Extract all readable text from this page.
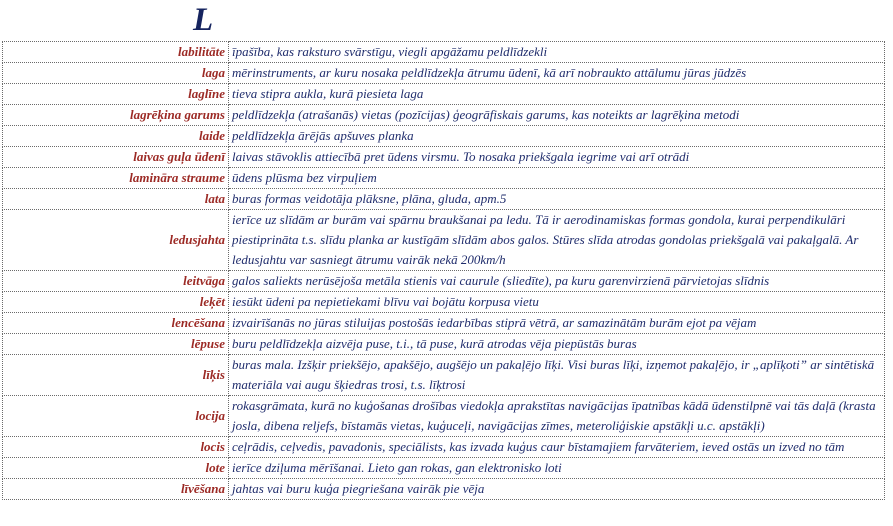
L
labilitāte	īpašība, kas raksturo svārstīgu, viegli apgāžamu peldlīdzekli
laga	mērinstruments, ar kuru nosaka peldlīdzekļa ātrumu ūdenī, kā arī nobraukto attālumu jūras jūdzēs
laglīne	tieva stipra aukla, kurā piesieta laga
lagrēķina garums	peldlīdzekļa (atrašanās) vietas (pozīcijas) ģeogrāfiskais garums, kas noteikts ar lagrēķina metodi
laide	peldlīdzekļa ārējās apšuves planka
laivas guļa ūdenī	laivas stāvoklis attiecībā pret ūdens virsmu. To nosaka priekšgala iegrime vai arī otrādi
lamināra straume	ūdens plūsma bez virpuļiem
lata	buras formas veidotāja plāksne, plāna, gluda, apm.5
ledusjahta	ierīce uz slīdām ar burām vai spārnu braukšanai pa ledu. Tā ir aerodinamiskas formas gondola, kurai perpendikulāri piestiprināta t.s. slīdu planka ar kustīgām slīdām abos galos. Stūres slīda atrodas gondolas priekšgalā vai pakaļgalā. Ar ledusjahtu var sasniegt ātrumu vairāk nekā 200km/h
leitvāga	galos saliekts nerūsējoša metāla stienis vai caurule (sliedīte), pa kuru garenvirzienā pārvietojas slīdnis
leķēt	iesūkt ūdeni pa nepietiekami blīvu vai bojātu korpusa vietu
lencēšana	izvairīšanās no jūras stiluijas postošās iedarbības stiprā vētrā, ar samazinātām burām ejot pa vējam
lēpuse	buru peldlīdzekļa aizvēja puse, t.i., tā puse, kurā atrodas vēja piepūstās buras
līķis	buras mala. Izšķir priekšējo, apakšējo, augšējo un pakaļējo līķi. Visi buras līķi, izņemot pakaļējo, ir „aplīķoti” ar sintētiskā materiāla vai augu šķiedras trosi, t.s. līķtrosi
locija	rokasgrāmata, kurā no kuģošanas drošības viedokļa aprakstītas navigācijas īpatnības kādā ūdenstilpnē vai tās daļā (krasta josla, dibena reljefs, bīstamās vietas, kuģuceļi, navigācijas zīmes, meteroliģiskie apstākļi u.c. apstākļi)
locis	ceļrādis, ceļvedis, pavadonis, speciālists, kas izvada kuģus caur bīstamajiem farvāteriem, ieved ostās un izved no tām
lote	ierīce dziļuma mērīšanai. Lieto gan rokas, gan elektronisko loti
līvēšana	jahtas vai buru kuģa piegriešana vairāk pie vēja
